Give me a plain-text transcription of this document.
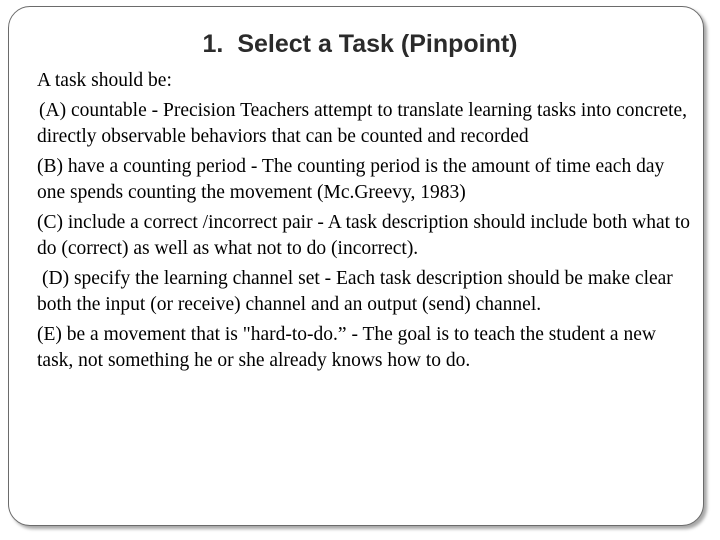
1. Select a Task (Pinpoint)

A task should be:

(A) countable - Precision Teachers attempt to translate learning tasks into concrete, directly observable behaviors that can be counted and recorded

(B) have a counting period - The counting period is the amount of time each day one spends counting the movement (Mc.Greevy, 1983)

(C) include a correct /incorrect pair - A task description should include both what to do (correct) as well as what not to do (incorrect).

(D) specify the learning channel set - Each task description should be make clear both the input (or receive) channel and an output (send) channel.

(E) be a movement that is "hard-to-do.” - The goal is to teach the student a new task, not something he or she already knows how to do.
